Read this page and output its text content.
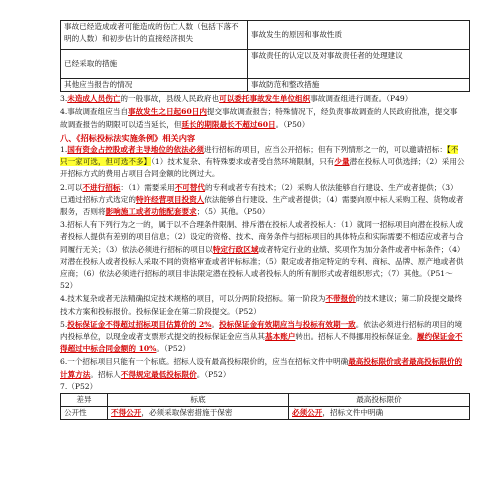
事故已经造成或者可能造成的伤亡人数（包括下落不明的人数）和初步估计的直接经济损失	事故发生的原因和事故性质
已经采取的措施	事故责任的认定以及对事故责任者的处理建议
其他应当报告的情况	事故防范和整改措施

3.未造成人员伤亡的一般事故，县级人民政府也可以委托事故发生单位组织事故调查组进行调查。（P49）

4.事故调查组应当自事故发生之日起60日内提交事故调查报告；特殊情况下，经负责事故调查的人民政府批准，提交事故调查报告的期限可以适当延长，但延长的期限最长不超过60日。（P50）

八、《招标投标法实施条例》相关内容

1.国有资金占控股或者主导地位的依法必须进行招标的项目，应当公开招标；但有下列情形之一的，可以邀请招标：【不只一家可选，但可选不多】（1）技术复杂、有特殊要求或者受自然环境限制，只有少量潜在投标人可供选择；（2）采用公开招标方式的费用占项目合同金额的比例过大。

2.可以不进行招标：（1）需要采用不可替代的专利或者专有技术；（2）采购人依法能够自行建设、生产或者提供；（3）已通过招标方式选定的特许经营项目投资人依法能够自行建设、生产或者提供；（4）需要向原中标人采购工程、货物或者服务，否则将影响施工或者功能配套要求；（5）其他。（P50）

3.招标人有下列行为之一的，属于以不合理条件限制、排斥潜在投标人或者投标人：（1）就同一招标项目向潜在投标人或者投标人提供有差别的项目信息；（2）设定的资格、技术、商务条件与招标项目的具体特点和实际需要不相适应或者与合同履行无关；（3）依法必须进行招标的项目以特定行政区域或者特定行业的业绩、奖项作为加分条件或者中标条件；（4）对潜在投标人或者投标人采取不同的资格审查或者评标标准；（5）限定或者指定特定的专利、商标、品牌、原产地或者供应商；（6）依法必须进行招标的项目非法限定潜在投标人或者投标人的所有制形式或者组织形式；（7）其他。（P51～52）

4.技术复杂或者无法精确拟定技术规格的项目，可以分两阶段招标。第一阶段为不带报价的技术建议；第二阶段提交最终技术方案和投标报价。投标保证金在第二阶段提交。（P52）

5.投标保证金不得超过招标项目估算价的 2%。投标保证金有效期应当与投标有效期一致。依法必须进行招标的项目的境内投标单位，以现金或者支票形式提交的投标保证金应当从其基本账户转出。招标人不得挪用投标保证金。履约保证金不得超过中标合同金额的 10%。（P52）

6.一个招标项目只能有一个标底。招标人设有最高投标限价的，应当在招标文件中明确最高投标限价或者最高投标限价的计算方法。招标人不得规定最低投标限价。（P52）

7.（P52）

差异	标底	最高投标限价
公开性	不得公开，必须采取保密措施于保密	必须公开，招标文件中明确
